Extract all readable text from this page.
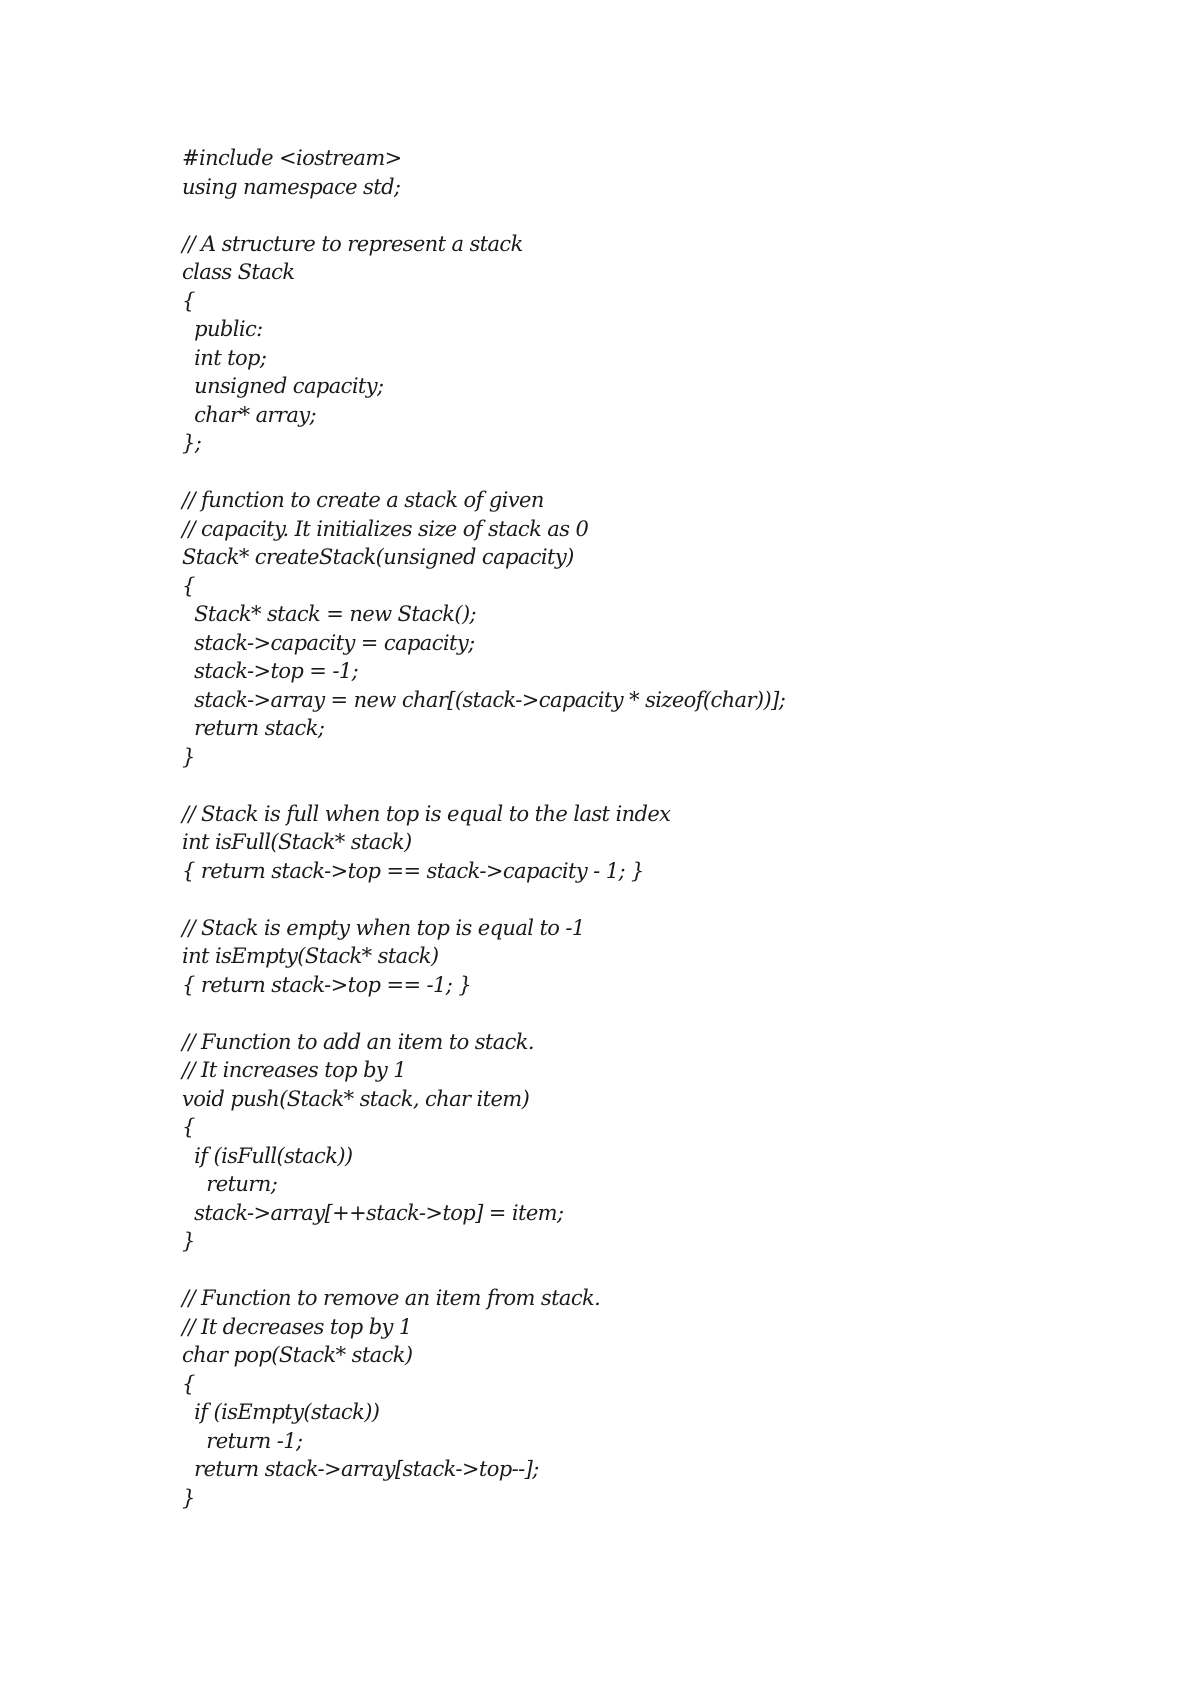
#include <iostream>
using namespace std;
// A structure to represent a stack
class Stack
{
public:
int top;
unsigned capacity;
char* array;
};
// function to create a stack of given
// capacity. It initializes size of stack as 0
Stack* createStack(unsigned capacity)
{
Stack* stack = new Stack();
stack->capacity = capacity;
stack->top = -1;
stack->array = new char[(stack->capacity * sizeof(char))];
return stack;
}
// Stack is full when top is equal to the last index
int isFull(Stack* stack)
{ return stack->top == stack->capacity - 1; }
// Stack is empty when top is equal to -1
int isEmpty(Stack* stack)
{ return stack->top == -1; }
// Function to add an item to stack.
// It increases top by 1
void push(Stack* stack, char item)
{
if (isFull(stack))
return;
stack->array[++stack->top] = item;
}
// Function to remove an item from stack.
// It decreases top by 1
char pop(Stack* stack)
{
if (isEmpty(stack))
return -1;
return stack->array[stack->top--];
}
